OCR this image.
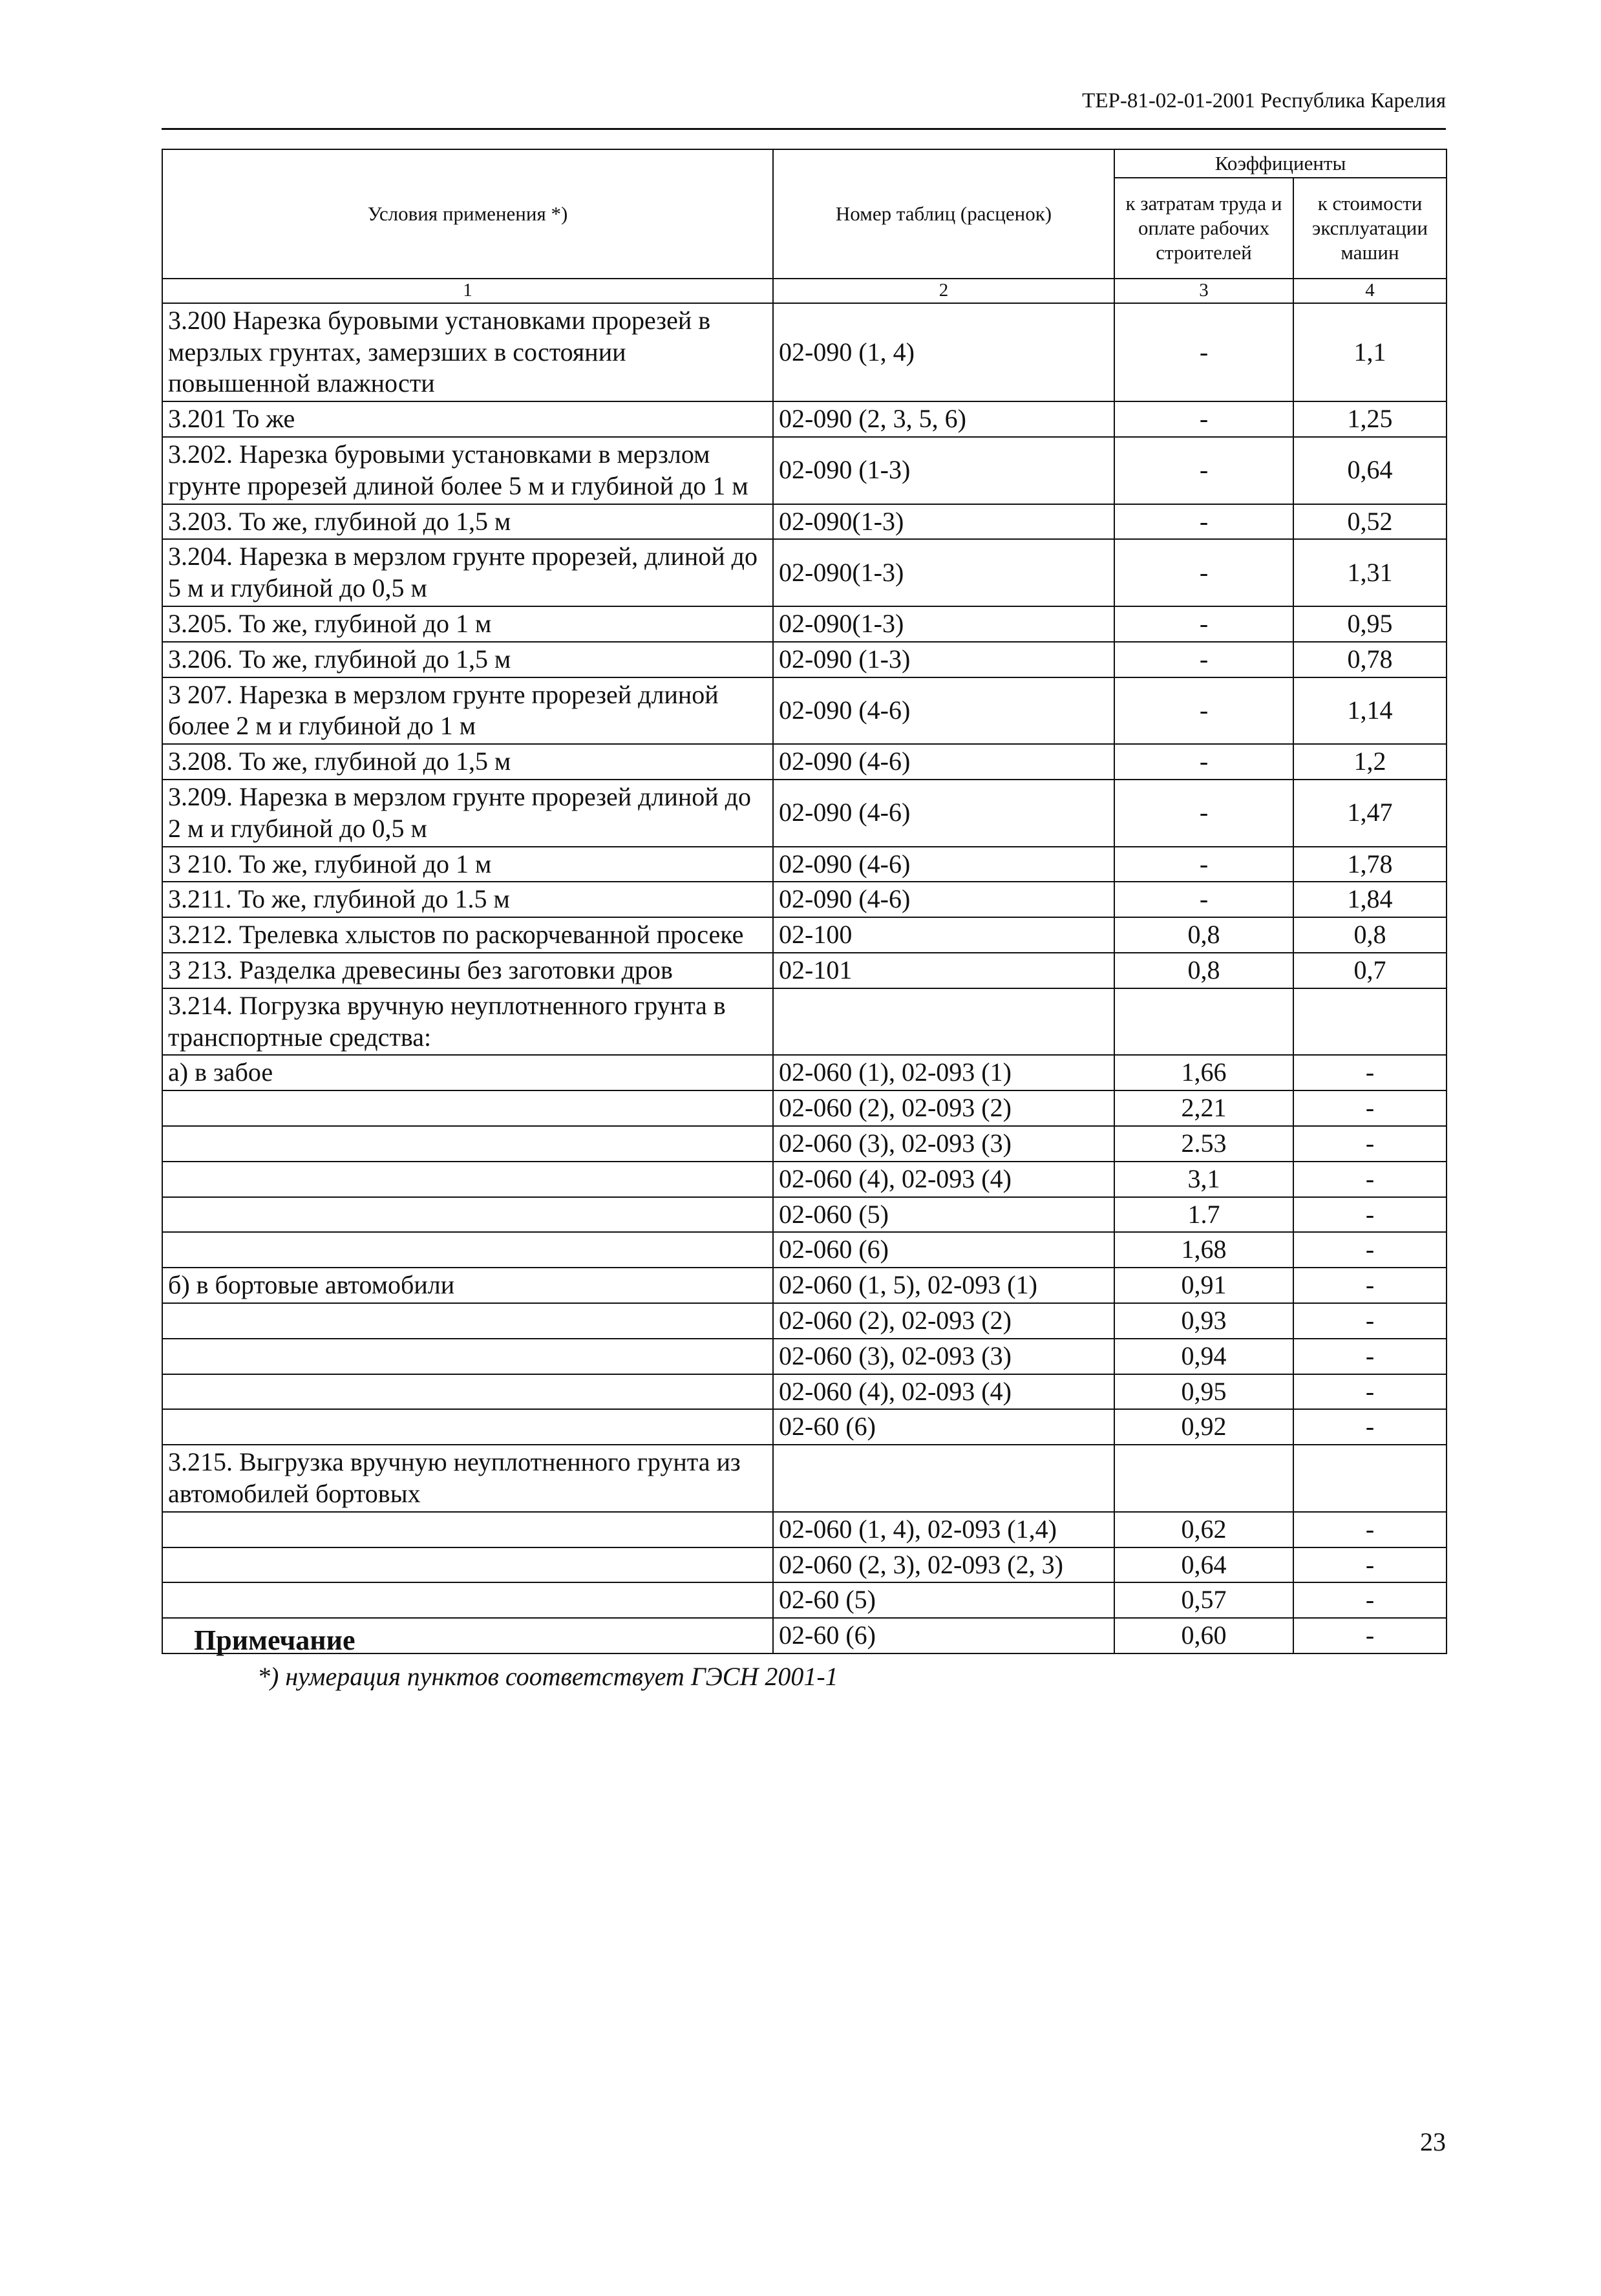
ТЕР-81-02-01-2001 Республика Карелия
Условия применения *)	Номер таблиц (расценок)	Коэффициенты	
		к затратам труда и оплате рабочих строителей	к стоимости эксплуатации машин
1	2	3	4
3.200 Нарезка буровыми установками прорезей в мерзлых грунтах, замерзших в состоянии повышенной влажности	02-090 (1, 4)	-	1,1
3.201 То же	02-090 (2, 3, 5, 6)	-	1,25
3.202. Нарезка буровыми установками в мерзлом грунте прорезей длиной более 5 м и глубиной до 1 м	02-090 (1-3)	-	0,64
3.203. То же, глубиной до 1,5 м	02-090(1-3)	-	0,52
3.204. Нарезка в мерзлом грунте прорезей, длиной до 5 м и глубиной до 0,5 м	02-090(1-3)	-	1,31
3.205. То же, глубиной до 1 м	02-090(1-3)	-	0,95
3.206. То же, глубиной до 1,5 м	02-090 (1-3)	-	0,78
3 207. Нарезка в мерзлом грунте прорезей длиной более 2 м и глубиной до 1 м	02-090 (4-6)	-	1,14
3.208. То же, глубиной до 1,5 м	02-090 (4-6)	-	1,2
3.209. Нарезка в мерзлом грунте прорезей длиной до 2 м и глубиной до 0,5 м	02-090 (4-6)	-	1,47
3 210. То же, глубиной до 1 м	02-090 (4-6)	-	1,78
3.211. То же, глубиной до 1.5 м	02-090 (4-6)	-	1,84
3.212. Трелевка хлыстов по раскорчеванной просеке	02-100	0,8	0,8
3 213. Разделка древесины без заготовки дров	02-101	0,8	0,7
3.214. Погрузка вручную неуплотненного грунта в транспортные средства:			
а) в забое	02-060 (1), 02-093 (1)	1,66	-
	02-060 (2), 02-093 (2)	2,21	-
	02-060 (3), 02-093 (3)	2.53	-
	02-060 (4), 02-093 (4)	3,1	-
	02-060 (5)	1.7	-
	02-060 (6)	1,68	-
б) в бортовые автомобили	02-060 (1, 5), 02-093 (1)	0,91	-
	02-060 (2), 02-093 (2)	0,93	-
	02-060 (3), 02-093 (3)	0,94	-
	02-060 (4), 02-093 (4)	0,95	-
	02-60 (6)	0,92	-
3.215. Выгрузка вручную неуплотненного грунта из автомобилей бортовых			
	02-060 (1, 4), 02-093 (1,4)	0,62	-
	02-060 (2, 3), 02-093 (2, 3)	0,64	-
	02-60 (5)	0,57	-
	02-60 (6)	0,60	-
Примечание
*) нумерация пунктов соответствует ГЭСН 2001-1
23
